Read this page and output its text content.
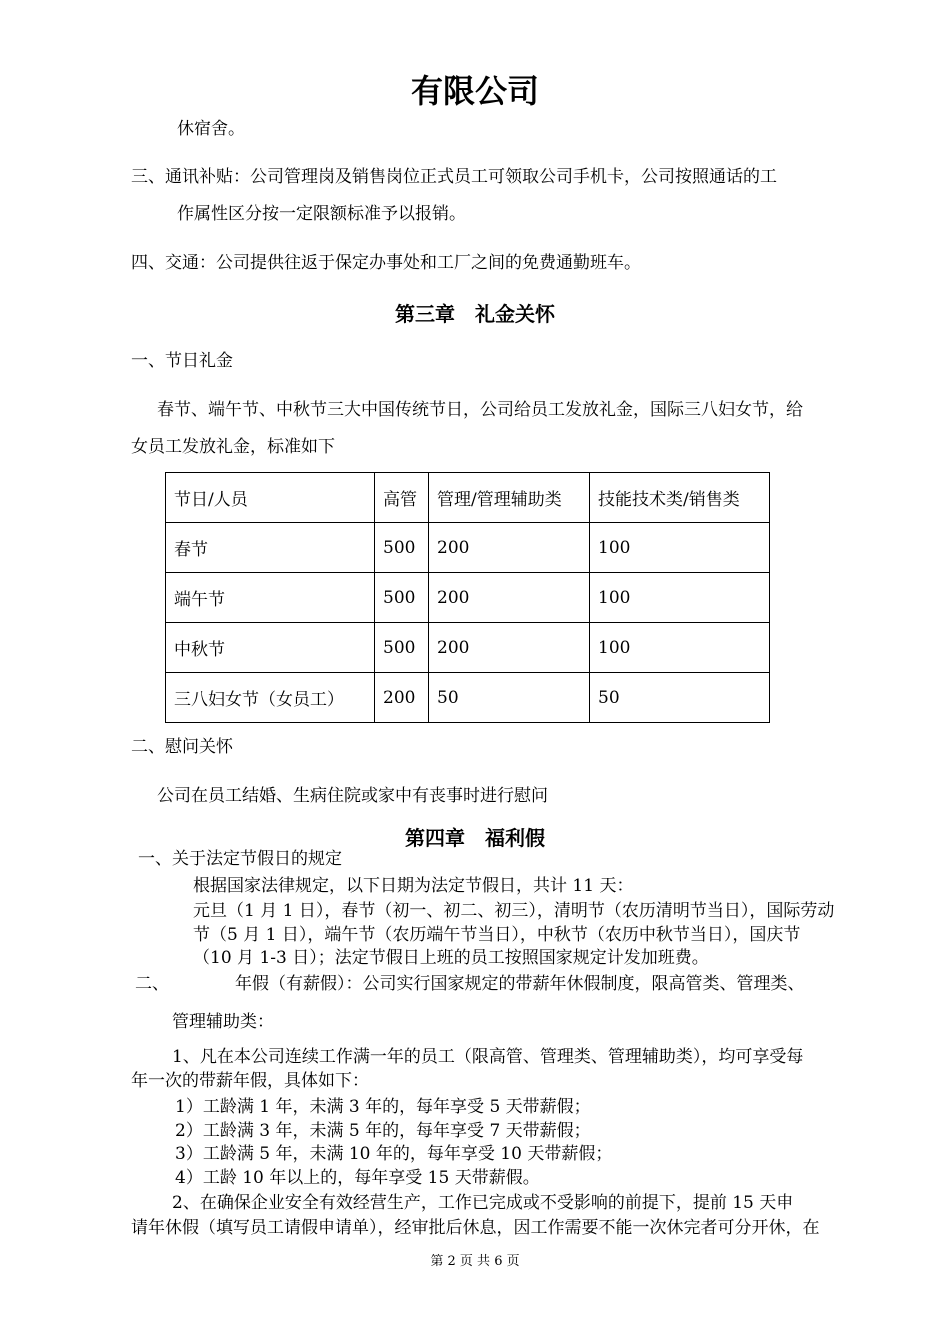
有限公司
休宿舍。
三、通讯补贴：公司管理岗及销售岗位正式员工可领取公司手机卡，公司按照通话的工
作属性区分按一定限额标准予以报销。
四、交通：公司提供往返于保定办事处和工厂之间的免费通勤班车。
第三章　礼金关怀
一、节日礼金
春节、端午节、中秋节三大中国传统节日，公司给员工发放礼金，国际三八妇女节，给
女员工发放礼金，标准如下
节日/人员	高管	管理/管理辅助类	技能技术类/销售类
春节	500	200	100
端午节	500	200	100
中秋节	500	200	100
三八妇女节（女员工）	200	50	50
二、慰问关怀
公司在员工结婚、生病住院或家中有丧事时进行慰问
第四章　福利假
一、关于法定节假日的规定
根据国家法律规定，以下日期为法定节假日，共计 11 天：
元旦（1 月 1 日），春节（初一、初二、初三），清明节（农历清明节当日），国际劳动
节（5 月 1 日），端午节（农历端午节当日），中秋节（农历中秋节当日），国庆节
（10 月 1-3 日）；法定节假日上班的员工按照国家规定计发加班费。
二、	年假（有薪假）：公司实行国家规定的带薪年休假制度，限高管类、管理类、
管理辅助类：
1、凡在本公司连续工作满一年的员工（限高管、管理类、管理辅助类），均可享受每
年一次的带薪年假，具体如下：
1）工龄满 1 年，未满 3 年的，每年享受 5 天带薪假；
2）工龄满 3 年，未满 5 年的，每年享受 7 天带薪假；
3）工龄满 5 年，未满 10 年的，每年享受 10 天带薪假；
4）工龄 10 年以上的，每年享受 15 天带薪假。
2、在确保企业安全有效经营生产，工作已完成或不受影响的前提下，提前 15 天申
请年休假（填写员工请假申请单），经审批后休息，因工作需要不能一次休完者可分开休，在
第 2 页 共 6 页
